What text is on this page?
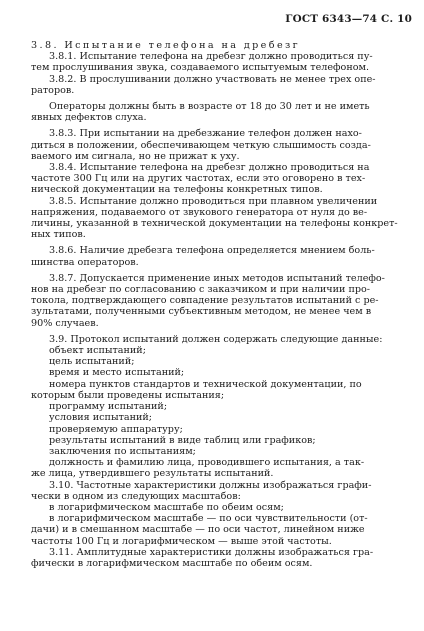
ГОСТ 6343—74 С. 10

3.8. Испытание телефона на дребезг

3.8.1. Испытание телефона на дребезг должно проводиться пу-
тем прослушивания звука, создаваемого испытуемым телефоном.

3.8.2. В прослушивании должно участвовать не менее трех опе-
раторов.

Операторы должны быть в возрасте от 18 до 30 лет и не иметь
явных дефектов слуха.

3.8.3. При испытании на дребезжание телефон должен нахо-
диться в положении, обеспечивающем четкую слышимость созда-
ваемого им сигнала, но не прижат к уху.

3.8.4. Испытание телефона на дребезг должно проводиться на
частоте 300 Гц или на других частотах, если это оговорено в тех-
нической документации на телефоны конкретных типов.

3.8.5. Испытание должно проводиться при плавном увеличении
напряжения, подаваемого от звукового генератора от нуля до ве-
личины, указанной в технической документации на телефоны конкрет-
ных типов.

3.8.6. Наличие дребезга телефона определяется мнением боль-
шинства операторов.

3.8.7. Допускается применение иных методов испытаний телефо-
нов на дребезг по согласованию с заказчиком и при наличии про-
токола, подтверждающего совпадение результатов испытаний с ре-
зультатами, полученными субъективным методом, не менее чем в
90% случаев.

3.9. Протокол испытаний должен содержать следующие данные:
объект испытаний;
цель испытаний;
время и место испытаний;
номера пунктов стандартов и технической документации, по
которым были проведены испытания;
программу испытаний;
условия испытаний;
проверяемую аппаратуру;
результаты испытаний в виде таблиц или графиков;
заключения по испытаниям;
должность и фамилию лица, проводившего испытания, а так-
же лица, утвердившего результаты испытаний.

3.10. Частотные характеристики должны изображаться графи-
чески в одном из следующих масштабов:
в логарифмическом масштабе по обеим осям;
в логарифмическом масштабе — по оси чувствительности (от-
дачи) и в смешанном масштабе — по оси частот, линейном ниже
частоты 100 Гц и логарифмическом — выше этой частоты.

3.11. Амплитудные характеристики должны изображаться гра-
фически в логарифмическом масштабе по обеим осям.
